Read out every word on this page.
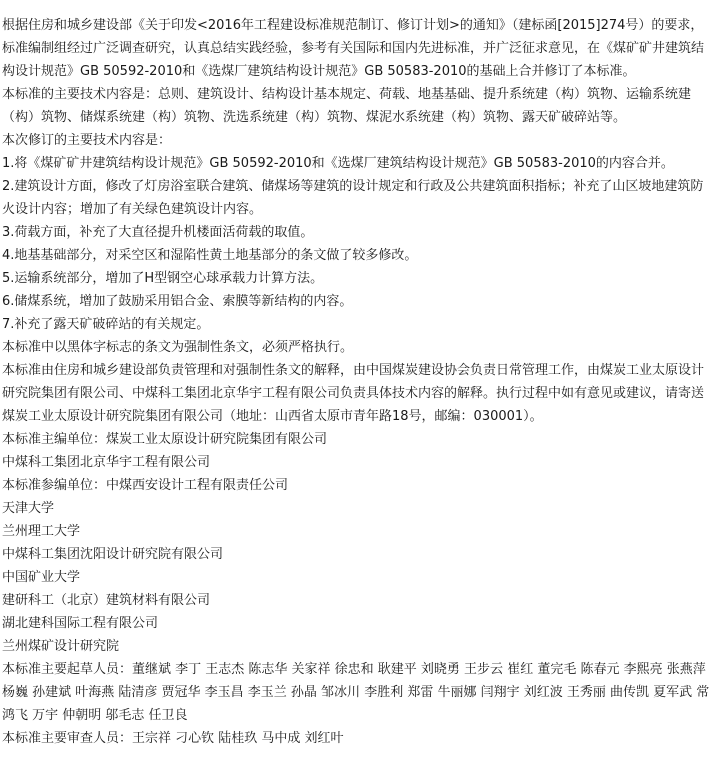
根据住房和城乡建设部《关于印发<2016年工程建设标准规范制订、修订计划>的通知》（建标函[2015]274号）的要求，标准编制组经过广泛调查研究，认真总结实践经验，参考有关国际和国内先进标准，并广泛征求意见，在《煤矿矿井建筑结构设计规范》GB 50592-2010和《选煤厂建筑结构设计规范》GB 50583-2010的基础上合并修订了本标准。

本标准的主要技术内容是：总则、建筑设计、结构设计基本规定、荷载、地基基础、提升系统建（构）筑物、运输系统建（构）筑物、储煤系统建（构）筑物、洗选系统建（构）筑物、煤泥水系统建（构）筑物、露天矿破碎站等。

本次修订的主要技术内容是：

1.将《煤矿矿井建筑结构设计规范》GB 50592-2010和《选煤厂建筑结构设计规范》GB 50583-2010的内容合并。

2.建筑设计方面，修改了灯房浴室联合建筑、储煤场等建筑的设计规定和行政及公共建筑面积指标；补充了山区坡地建筑防火设计内容；增加了有关绿色建筑设计内容。

3.荷载方面，补充了大直径提升机楼面活荷载的取值。

4.地基基础部分，对采空区和湿陷性黄土地基部分的条文做了较多修改。

5.运输系统部分，增加了H型钢空心球承载力计算方法。

6.储煤系统，增加了鼓励采用铝合金、索膜等新结构的内容。

7.补充了露天矿破碎站的有关规定。

本标准中以黑体字标志的条文为强制性条文，必须严格执行。

本标准由住房和城乡建设部负责管理和对强制性条文的解释，由中国煤炭建设协会负责日常管理工作，由煤炭工业太原设计研究院集团有限公司、中煤科工集团北京华宇工程有限公司负责具体技术内容的解释。执行过程中如有意见或建议，请寄送煤炭工业太原设计研究院集团有限公司（地址：山西省太原市青年路18号，邮编：030001）。

本标准主编单位：煤炭工业太原设计研究院集团有限公司

中煤科工集团北京华宇工程有限公司

本标准参编单位：中煤西安设计工程有限责任公司

天津大学

兰州理工大学

中煤科工集团沈阳设计研究院有限公司

中国矿业大学

建研科工（北京）建筑材料有限公司

湖北建科国际工程有限公司

兰州煤矿设计研究院

本标准主要起草人员：董继斌 李丁 王志杰 陈志华 关家祥 徐忠和 耿建平 刘晓勇 王步云 崔红 董完毛 陈春元 李熙亮 张燕萍 杨巍 孙建斌 叶海燕 陆清彦 贾冠华 李玉昌 李玉兰 孙晶 邹冰川 李胜利 郑雷 牛丽娜 闫翔宇 刘红波 王秀丽 曲传凯 夏军武 常鸿飞 万宇 仲朝明 邬毛志 任卫良

本标准主要审查人员：王宗祥 刁心钦 陆桂玖 马中成 刘红叶
